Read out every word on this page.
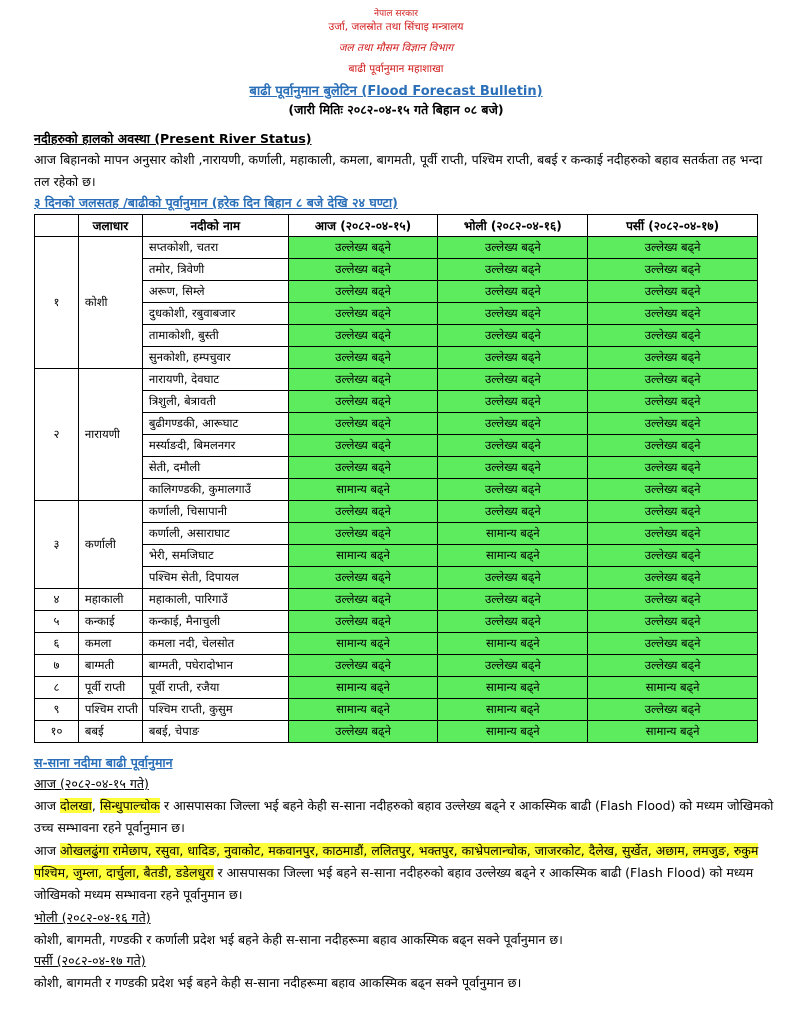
नेपाल सरकार
उर्जा, जलस्रोत तथा सिंचाइ मन्त्रालय
जल तथा मौसम विज्ञान विभाग
बाढी पूर्वानुमान महाशाखा
बाढी पूर्वानुमान बुलेटिन (Flood Forecast Bulletin)
(जारी मितिः २०८२-०४-१५ गते बिहान ०८ बजे)
नदीहरुको हालको अवस्था (Present River Status)
आज बिहानको मापन अनुसार कोशी ,नारायणी, कर्णाली, महाकाली, कमला, बागमती, पूर्वी राप्ती, पश्चिम राप्ती, बबई र कन्काई नदीहरुको बहाव सतर्कता तह भन्दा तल रहेको छ।
३ दिनको जलसतह /बाढीको पूर्वानुमान (हरेक दिन बिहान ८ बजे देखि २४ घण्टा)
	जलाधार	नदीको नाम	आज (२०८२-०४-१५)	भोली (२०८२-०४-१६)	पर्सी (२०८२-०४-१७)
१	कोशी	सप्तकोशी, चतरा	उल्लेख्य बढ्ने	उल्लेख्य बढ्ने	उल्लेख्य बढ्ने
		तमोर, त्रिवेणी	उल्लेख्य बढ्ने	उल्लेख्य बढ्ने	उल्लेख्य बढ्ने
		अरूण, सिम्ले	उल्लेख्य बढ्ने	उल्लेख्य बढ्ने	उल्लेख्य बढ्ने
		दुधकोशी, रबुवाबजार	उल्लेख्य बढ्ने	उल्लेख्य बढ्ने	उल्लेख्य बढ्ने
		तामाकोशी, बुस्ती	उल्लेख्य बढ्ने	उल्लेख्य बढ्ने	उल्लेख्य बढ्ने
		सुनकोशी, हम्पचुवार	उल्लेख्य बढ्ने	उल्लेख्य बढ्ने	उल्लेख्य बढ्ने
२	नारायणी	नारायणी, देवघाट	उल्लेख्य बढ्ने	उल्लेख्य बढ्ने	उल्लेख्य बढ्ने
		त्रिशुली, बेत्रावती	उल्लेख्य बढ्ने	उल्लेख्य बढ्ने	उल्लेख्य बढ्ने
		बुढीगण्डकी, आरूघाट	उल्लेख्य बढ्ने	उल्लेख्य बढ्ने	उल्लेख्य बढ्ने
		मर्स्याङदी, बिमलनगर	उल्लेख्य बढ्ने	उल्लेख्य बढ्ने	उल्लेख्य बढ्ने
		सेती, दमौली	उल्लेख्य बढ्ने	उल्लेख्य बढ्ने	उल्लेख्य बढ्ने
		कालिगण्डकी, कुमालगाउँ	सामान्य बढ्ने	उल्लेख्य बढ्ने	उल्लेख्य बढ्ने
३	कर्णाली	कर्णाली, चिसापानी	उल्लेख्य बढ्ने	उल्लेख्य बढ्ने	उल्लेख्य बढ्ने
		कर्णाली, असाराघाट	उल्लेख्य बढ्ने	सामान्य बढ्ने	उल्लेख्य बढ्ने
		भेरी, समजिघाट	सामान्य बढ्ने	सामान्य बढ्ने	उल्लेख्य बढ्ने
		पश्चिम सेती, दिपायल	उल्लेख्य बढ्ने	उल्लेख्य बढ्ने	उल्लेख्य बढ्ने
४	महाकाली	महाकाली, पारिगाउँ	उल्लेख्य बढ्ने	उल्लेख्य बढ्ने	उल्लेख्य बढ्ने
५	कन्काई	कन्काई, मैनाचुली	उल्लेख्य बढ्ने	उल्लेख्य बढ्ने	उल्लेख्य बढ्ने
६	कमला	कमला नदी, चेलसोत	सामान्य बढ्ने	सामान्य बढ्ने	उल्लेख्य बढ्ने
७	बाग्मती	बाग्मती, पघेरादोभान	उल्लेख्य बढ्ने	उल्लेख्य बढ्ने	उल्लेख्य बढ्ने
८	पूर्वी राप्ती	पूर्वी राप्ती, रजैया	सामान्य बढ्ने	सामान्य बढ्ने	सामान्य बढ्ने
९	पश्चिम राप्ती	पश्चिम राप्ती, कुसुम	सामान्य बढ्ने	सामान्य बढ्ने	उल्लेख्य बढ्ने
१०	बबई	बबई, चेपाङ	उल्लेख्य बढ्ने	सामान्य बढ्ने	सामान्य बढ्ने
स-साना नदीमा बाढी पूर्वानुमान
आज (२०८२-०४-१५ गते)
आज दोलखा, सिन्धुपाल्चोक र आसपासका जिल्ला भई बहने केही स-साना नदीहरुको बहाव उल्लेख्य बढ्ने र आकस्मिक बाढी (Flash Flood) को मध्यम जोखिमको उच्च सम्भावना रहने पूर्वानुमान छ।
आज ओखलढुंगा रामेछाप, रसुवा, धादिङ, नुवाकोट, मकवानपुर, काठमाडौं, ललितपुर, भक्तपुर, काभ्रेपलान्चोक, जाजरकोट, दैलेख, सुर्खेत, अछाम, लमजुङ, रुकुम पश्चिम, जुम्ला, दार्चुला, बैतडी, डडेलधुरा र आसपासका जिल्ला भई बहने स-साना नदीहरुको बहाव उल्लेख्य बढ्ने र आकस्मिक बाढी (Flash Flood) को मध्यम जोखिमको मध्यम सम्भावना रहने पूर्वानुमान छ।
भोली (२०८२-०४-१६ गते)
कोशी, बागमती, गण्डकी र कर्णाली प्रदेश भई बहने केही स-साना नदीहरूमा बहाव आकस्मिक बढ्न सक्ने पूर्वानुमान छ।
पर्सी (२०८२-०४-१७ गते)
कोशी, बागमती र गण्डकी प्रदेश भई बहने केही स-साना नदीहरूमा बहाव आकस्मिक बढ्न सक्ने पूर्वानुमान छ।
